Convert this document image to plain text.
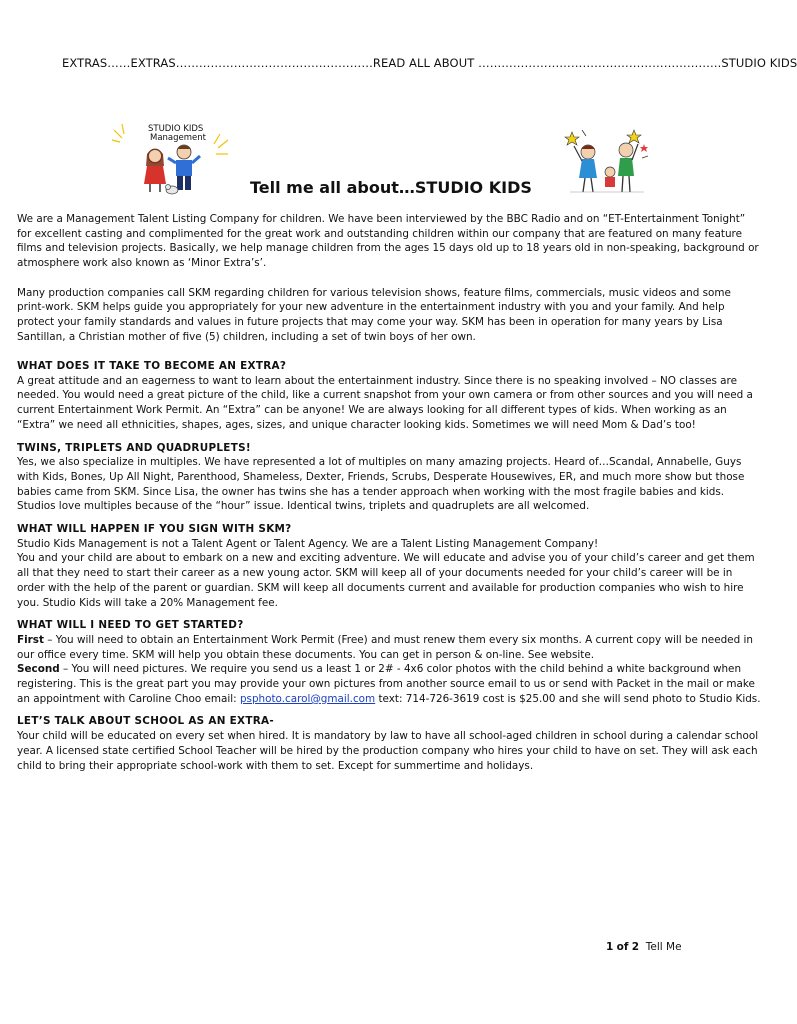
EXTRAS……EXTRAS……………………………………………READ ALL ABOUT ………………………………………………….…..STUDIO KIDS
STUDIO KIDS
Management
Tell me all about…STUDIO KIDS

We are a Management Talent Listing Company for children. We have been interviewed by the BBC Radio and on “ET-Entertainment Tonight” for excellent casting and complimented for the great work and outstanding children within our company that are featured on many feature films and television projects. Basically, we help manage children from the ages 15 days old up to 18 years old in non-speaking, background or atmosphere work also known as ‘Minor Extra’s’.

Many production companies call SKM regarding children for various television shows, feature films, commercials, music videos and some print-work. SKM helps guide you appropriately for your new adventure in the entertainment industry with you and your family. And help protect your family standards and values in future projects that may come your way. SKM has been in operation for many years by Lisa Santillan, a Christian mother of five (5) children, including a set of twin boys of her own.

WHAT DOES IT TAKE TO BECOME AN EXTRA?

A great attitude and an eagerness to want to learn about the entertainment industry. Since there is no speaking involved – NO classes are needed. You would need a great picture of the child, like a current snapshot from your own camera or from other sources and you will need a current Entertainment Work Permit. An “Extra” can be anyone! We are always looking for all different types of kids. When working as an “Extra” we need all ethnicities, shapes, ages, sizes, and unique character looking kids. Sometimes we will need Mom & Dad’s too!

TWINS, TRIPLETS AND QUADRUPLETS!

Yes, we also specialize in multiples. We have represented a lot of multiples on many amazing projects. Heard of…Scandal, Annabelle, Guys with Kids, Bones, Up All Night, Parenthood, Shameless, Dexter, Friends, Scrubs, Desperate Housewives, ER, and much more show but those babies came from SKM. Since Lisa, the owner has twins she has a tender approach when working with the most fragile babies and kids. Studios love multiples because of the “hour” issue. Identical twins, triplets and quadruplets are all welcomed.

WHAT WILL HAPPEN IF YOU SIGN WITH SKM?
Studio Kids Management is not a Talent Agent or Talent Agency. We are a Talent Listing Management Company!

You and your child are about to embark on a new and exciting adventure. We will educate and advise you of your child’s career and get them all that they need to start their career as a new young actor. SKM will keep all of your documents needed for your child’s career will be in order with the help of the parent or guardian. SKM will keep all documents current and available for production companies who wish to hire you. Studio Kids will take a 20% Management fee.

WHAT WILL I NEED TO GET STARTED?
First – You will need to obtain an Entertainment Work Permit (Free) and must renew them every six months. A current copy will be needed in our office every time. SKM will help you obtain these documents. You can get in person & on-line. See website.

Second – You will need pictures. We require you send us a least 1 or 2# - 4x6 color photos with the child behind a white background when registering. This is the great part you may provide your own pictures from another source email to us or send with Packet in the mail or make an appointment with Caroline Choo email: psphoto.carol@gmail.com text: 714-726-3619 cost is $25.00 and she will send photo to Studio Kids.

LET’S TALK ABOUT SCHOOL AS AN EXTRA-

Your child will be educated on every set when hired. It is mandatory by law to have all school-aged children in school during a calendar school year. A licensed state certified School Teacher will be hired by the production company who hires your child to have on set. They will ask each child to bring their appropriate school-work with them to set. Except for summertime and holidays.

1 of 2 Tell Me
